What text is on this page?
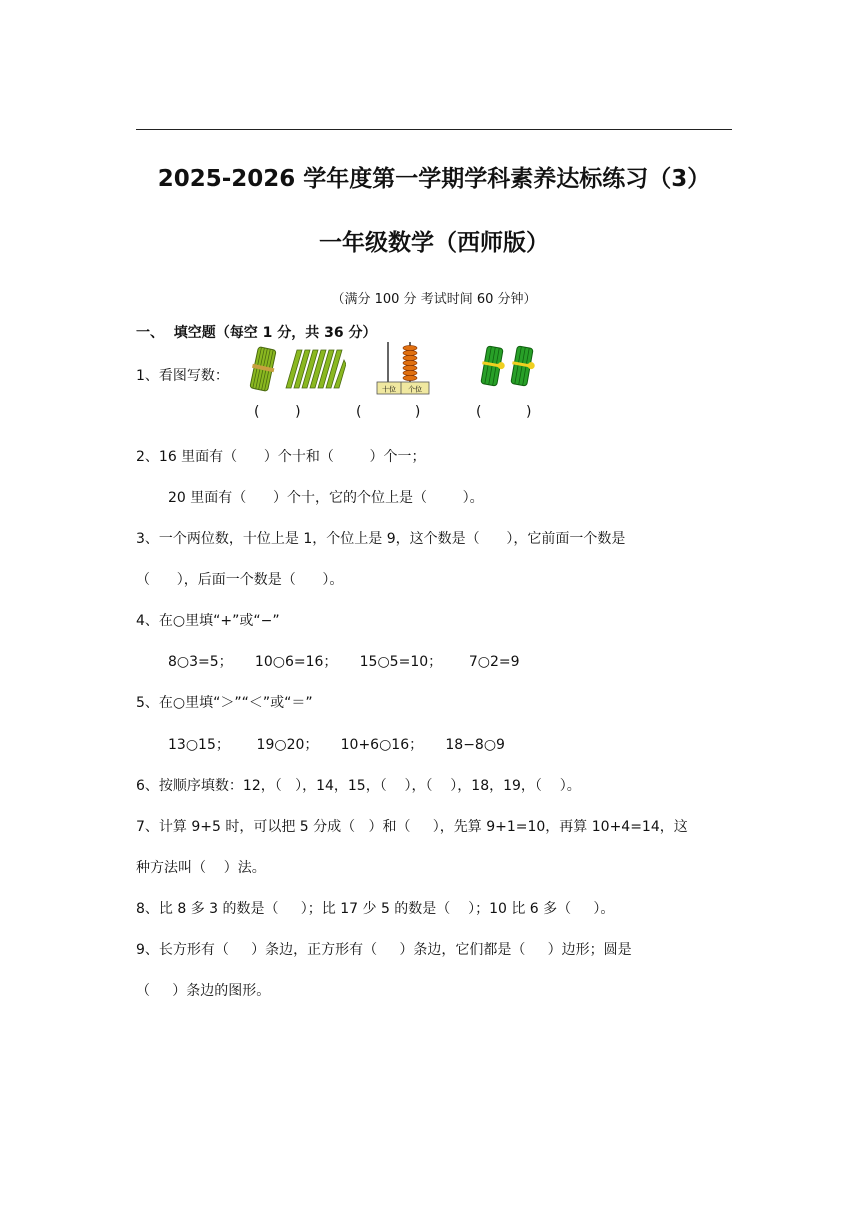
2025-2026 学年度第一学期学科素养达标练习（3）
一年级数学（西师版）
（满分 100 分 考试时间 60 分钟）
一、  填空题（每空 1 分，共 36 分）
1、看图写数：
十位 个位
(        )	(            )	(          )
2、16 里面有（      ）个十和（        ）个一；
20 里面有（      ）个十，它的个位上是（        ）。
3、一个两位数，十位上是 1，个位上是 9，这个数是（      ），它前面一个数是
（      ），后面一个数是（      ）。
4、在○里填“+”或“−”
8○3=5；     10○6=16；     15○5=10；      7○2=9
5、在○里填“＞”“＜”或“＝”
13○15；      19○20；     10+6○16；     18−8○9
6、按顺序填数：12，（   ），14，15，（    ），（    ），18，19，（    ）。
7、计算 9+5 时，可以把 5 分成（   ）和（     ），先算 9+1=10，再算 10+4=14，这
种方法叫（    ）法。
8、比 8 多 3 的数是（     ）；比 17 少 5 的数是（    ）；10 比 6 多（     ）。
9、长方形有（     ）条边，正方形有（     ）条边，它们都是（     ）边形；圆是
（     ）条边的图形。
